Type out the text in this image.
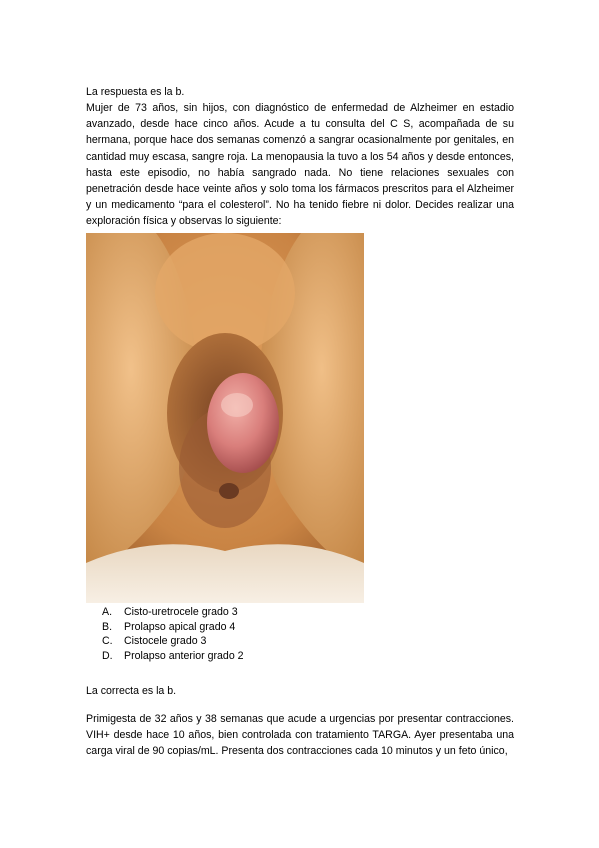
La respuesta es la b.
Mujer de 73 años, sin hijos, con diagnóstico de enfermedad de Alzheimer en estadio avanzado, desde hace cinco años. Acude a tu consulta del C S, acompañada de su hermana, porque hace dos semanas comenzó a sangrar ocasionalmente por genitales, en cantidad muy escasa, sangre roja. La menopausia la tuvo a los 54 años y desde entonces, hasta este episodio, no había sangrado nada. No tiene relaciones sexuales con penetración desde hace veinte años y solo toma los fármacos prescritos para el Alzheimer y un medicamento “para el colesterol”. No ha tenido fiebre ni dolor. Decides realizar una exploración física y observas lo siguiente:
A. Cisto-uretrocele grado 3
B. Prolapso apical grado 4
C. Cistocele grado 3
D. Prolapso anterior grado 2
La correcta es la b.
Primigesta de 32 años y 38 semanas que acude a urgencias por presentar contracciones. VIH+ desde hace 10 años, bien controlada con tratamiento TARGA. Ayer presentaba una carga viral de 90 copias/mL. Presenta dos contracciones cada 10 minutos y un feto único,
